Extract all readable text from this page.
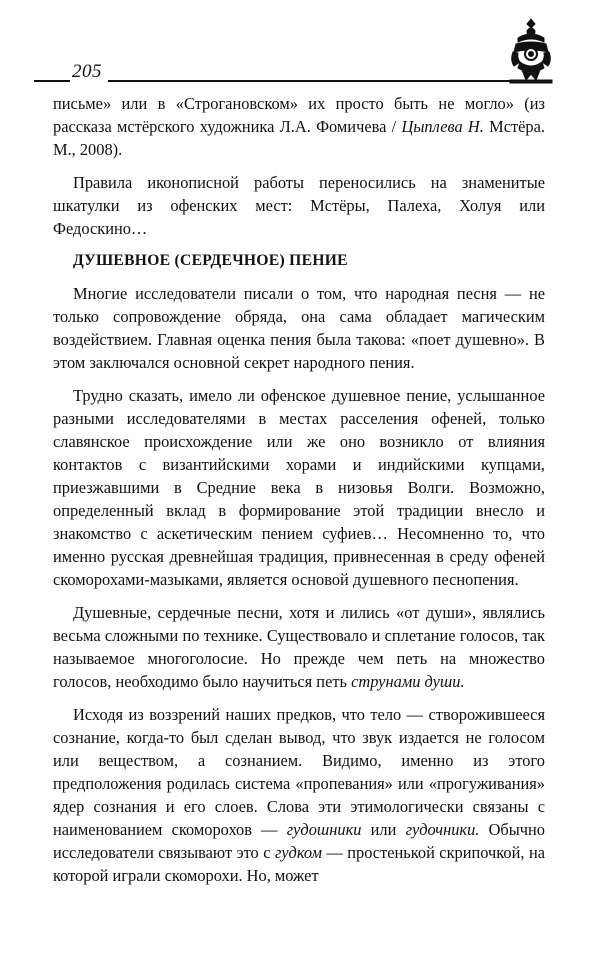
205

письме» или в «Строгановском» их просто быть не могло» (из рассказа мстёрского художника Л.А. Фомичева / Цыплева Н. Мстёра. М., 2008).

Правила иконописной работы переносились на знаменитые шкатулки из офенских мест: Мстёры, Палеха, Холуя или Федоскино…

ДУШЕВНОЕ (СЕРДЕЧНОЕ) ПЕНИЕ

Многие исследователи писали о том, что народная песня — не только сопровождение обряда, она сама обладает магическим воздействием. Главная оценка пения была такова: «поет душевно». В этом заключался основной секрет народного пения.

Трудно сказать, имело ли офенское душевное пение, услышанное разными исследователями в местах расселения офеней, только славянское происхождение или же оно возникло от влияния контактов с византийскими хорами и индийскими купцами, приезжавшими в Средние века в низовья Волги. Возможно, определенный вклад в формирование этой традиции внесло и знакомство с аскетическим пением суфиев… Несомненно то, что именно русская древнейшая традиция, привнесенная в среду офеней скоморохами-мазыками, является основой душевного песнопения.

Душевные, сердечные песни, хотя и лились «от души», являлись весьма сложными по технике. Существовало и сплетание голосов, так называемое многоголосие. Но прежде чем петь на множество голосов, необходимо было научиться петь струнами души.

Исходя из воззрений наших предков, что тело — створожившееся сознание, когда-то был сделан вывод, что звук издается не голосом или веществом, а сознанием. Видимо, именно из этого предположения родилась система «пропевания» или «прогуживания» ядер сознания и его слоев. Слова эти этимологически связаны с наименованием скоморохов — гудошники или гудочники. Обычно исследователи связывают это с гудком — простенькой скрипочкой, на которой играли скоморохи. Но, может
